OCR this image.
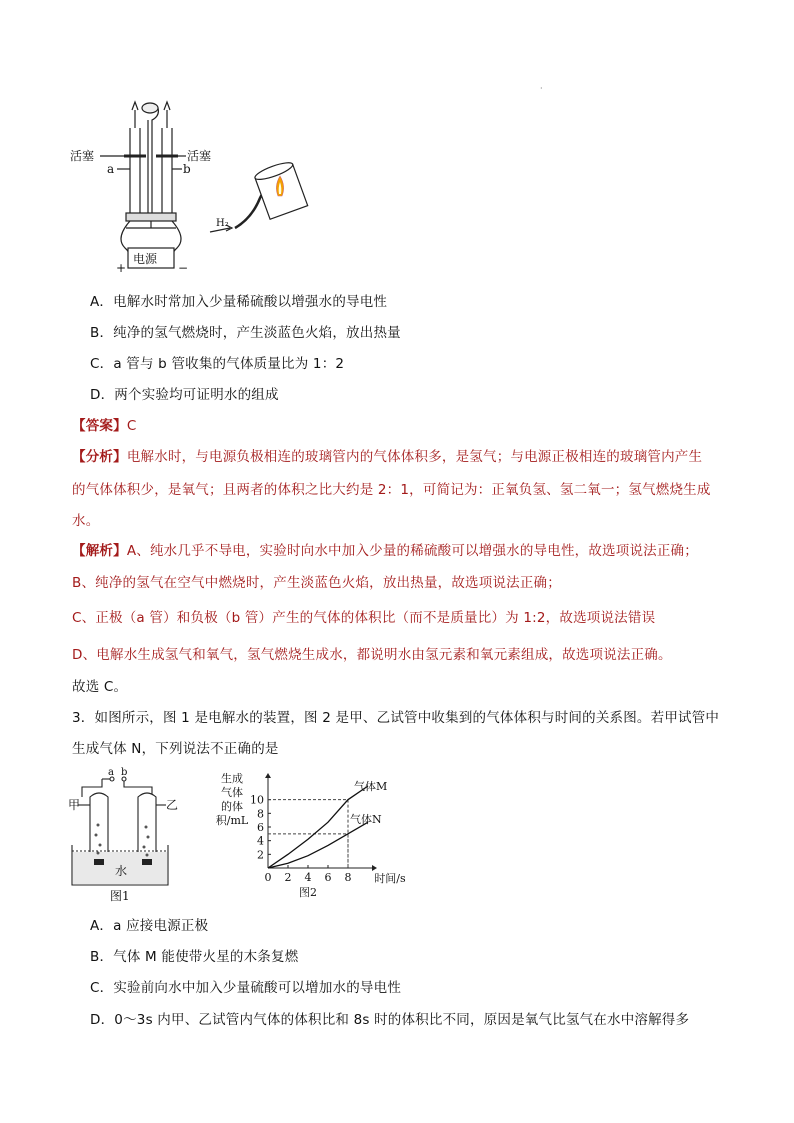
·
活塞	活塞
a	b
电源
+	−
H₂
A．电解水时常加入少量稀硫酸以增强水的导电性
B．纯净的氢气燃烧时，产生淡蓝色火焰，放出热量
C．a 管与 b 管收集的气体质量比为 1：2
D．两个实验均可证明水的组成
【答案】C
【分析】电解水时，与电源负极相连的玻璃管内的气体体积多，是氢气；与电源正极相连的玻璃管内产生
的气体体积少，是氧气；且两者的体积之比大约是 2：1，可简记为：正氧负氢、氢二氧一；氢气燃烧生成
水。
【解析】A、纯水几乎不导电，实验时向水中加入少量的稀硫酸可以增强水的导电性，故选项说法正确；
B、纯净的氢气在空气中燃烧时，产生淡蓝色火焰，放出热量，故选项说法正确；
C、正极（a 管）和负极（b 管）产生的气体的体积比（而不是质量比）为 1:2，故选项说法错误
D、电解水生成氢气和氧气，氢气燃烧生成水，都说明水由氢元素和氧元素组成，故选项说法正确。
故选 C。
3．如图所示，图 1 是电解水的装置，图 2 是甲、乙试管中收集到的气体体积与时间的关系图。若甲试管中
生成气体 N，下列说法不正确的是
a b
甲	乙
水
图1
0 2 4 6 8
2
4
6
8
10
气体M
气体N
生成
气体
的体
积/mL
时间/s
图2
A．a 应接电源正极
B．气体 M 能使带火星的木条复燃
C．实验前向水中加入少量硫酸可以增加水的导电性
D．0～3s 内甲、乙试管内气体的体积比和 8s 时的体积比不同，原因是氧气比氢气在水中溶解得多
